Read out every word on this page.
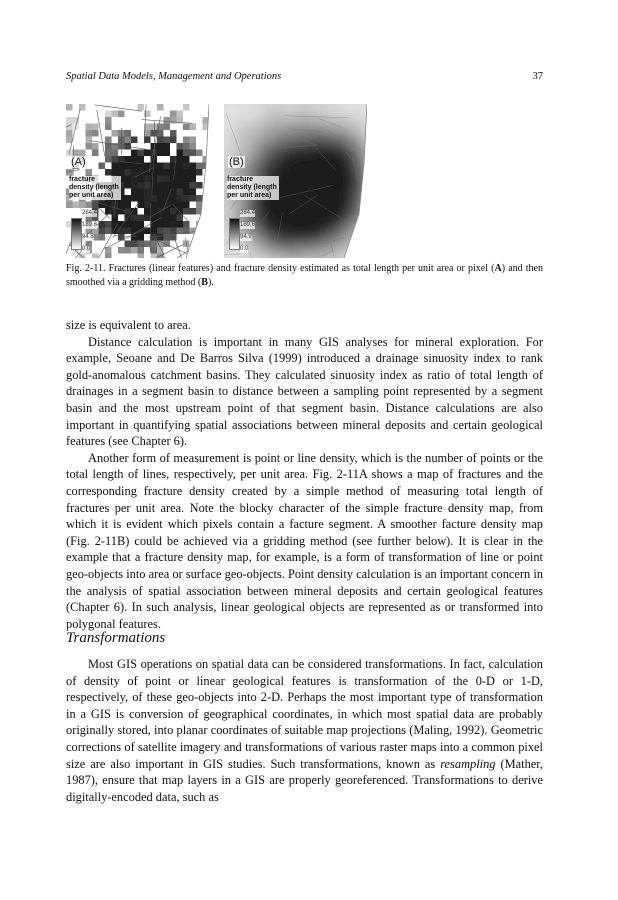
Spatial Data Models, Management and Operations	37
(A)
fracture density (length per unit area)
284.4
189.6
94.8
0.0
(B)
fracture density (length per unit area)
284.4
189.6
94.9
0.0
Fig. 2-11. Fractures (linear features) and fracture density estimated as total length per unit area or pixel (A) and then smoothed via a gridding method (B).

size is equivalent to area.

Distance calculation is important in many GIS analyses for mineral exploration. For example, Seoane and De Barros Silva (1999) introduced a drainage sinuosity index to rank gold-anomalous catchment basins. They calculated sinuosity index as ratio of total length of drainages in a segment basin to distance between a sampling point represented by a segment basin and the most upstream point of that segment basin. Distance calculations are also important in quantifying spatial associations between mineral deposits and certain geological features (see Chapter 6).

Another form of measurement is point or line density, which is the number of points or the total length of lines, respectively, per unit area. Fig. 2-11A shows a map of fractures and the corresponding fracture density created by a simple method of measuring total length of fractures per unit area. Note the blocky character of the simple fracture density map, from which it is evident which pixels contain a facture segment. A smoother facture density map (Fig. 2-11B) could be achieved via a gridding method (see further below). It is clear in the example that a fracture density map, for example, is a form of transformation of line or point geo-objects into area or surface geo-objects. Point density calculation is an important concern in the analysis of spatial association between mineral deposits and certain geological features (Chapter 6). In such analysis, linear geological objects are represented as or transformed into polygonal features.

Transformations

Most GIS operations on spatial data can be considered transformations. In fact, calculation of density of point or linear geological features is transformation of the 0-D or 1-D, respectively, of these geo-objects into 2-D. Perhaps the most important type of transformation in a GIS is conversion of geographical coordinates, in which most spatial data are probably originally stored, into planar coordinates of suitable map projections (Maling, 1992). Geometric corrections of satellite imagery and transformations of various raster maps into a common pixel size are also important in GIS studies. Such transformations, known as resampling (Mather, 1987), ensure that map layers in a GIS are properly georeferenced. Transformations to derive digitally-encoded data, such as
